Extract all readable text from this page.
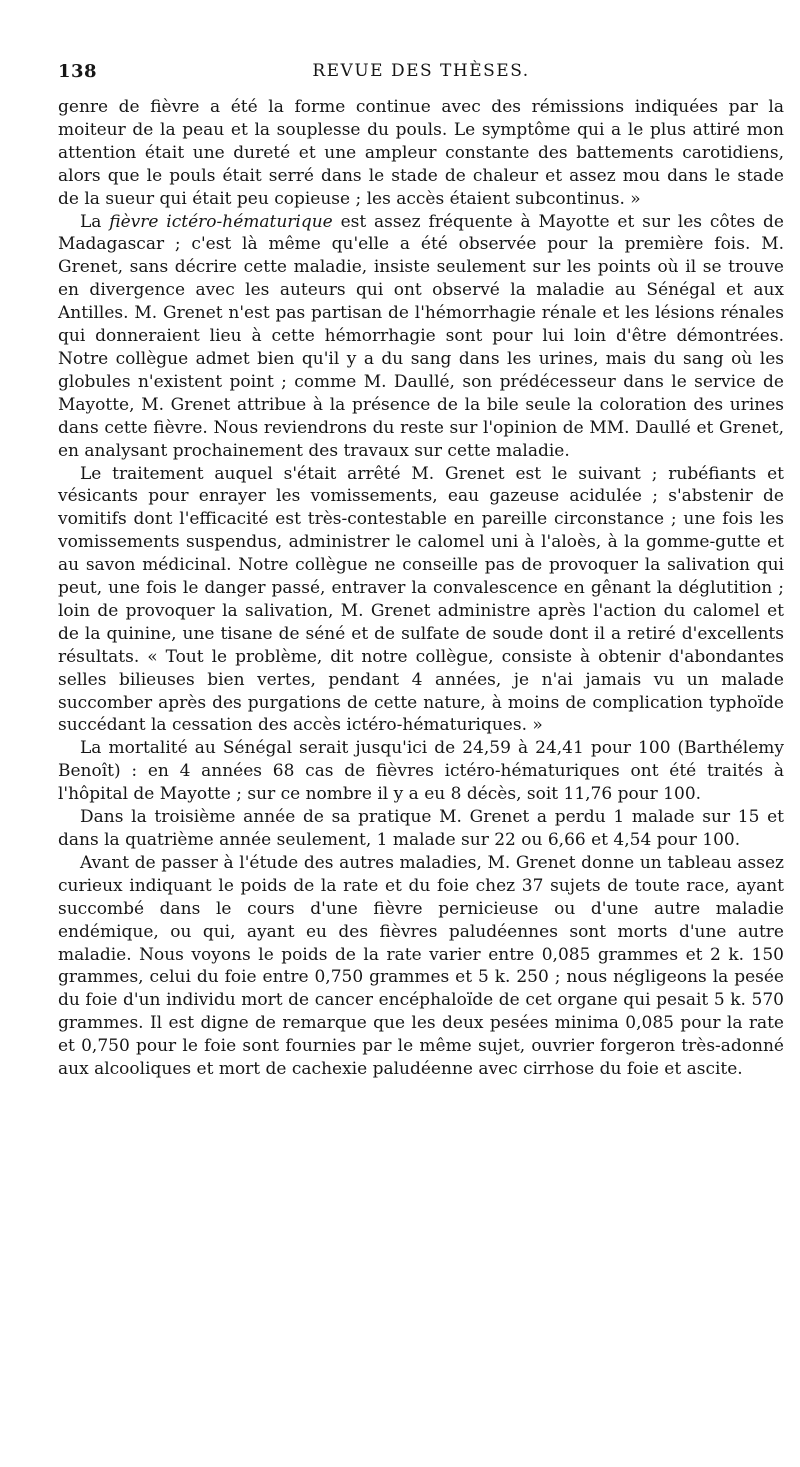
138	REVUE DES THÈSES.

genre de fièvre a été la forme continue avec des rémissions indiquées par la moiteur de la peau et la souplesse du pouls. Le symptôme qui a le plus attiré mon attention était une dureté et une ampleur constante des battements carotidiens, alors que le pouls était serré dans le stade de chaleur et assez mou dans le stade de la sueur qui était peu copieuse ; les accès étaient subcontinus. »

La fièvre ictéro-hématurique est assez fréquente à Mayotte et sur les côtes de Madagascar ; c'est là même qu'elle a été observée pour la première fois. M. Grenet, sans décrire cette maladie, insiste seulement sur les points où il se trouve en divergence avec les auteurs qui ont observé la maladie au Sénégal et aux Antilles. M. Grenet n'est pas partisan de l'hémorrhagie rénale et les lésions rénales qui donneraient lieu à cette hémorrhagie sont pour lui loin d'être démontrées. Notre collègue admet bien qu'il y a du sang dans les urines, mais du sang où les globules n'existent point ; comme M. Daullé, son prédécesseur dans le service de Mayotte, M. Grenet attribue à la présence de la bile seule la coloration des urines dans cette fièvre. Nous reviendrons du reste sur l'opinion de MM. Daullé et Grenet, en analysant prochainement des travaux sur cette maladie.

Le traitement auquel s'était arrêté M. Grenet est le suivant ; rubéfiants et vésicants pour enrayer les vomissements, eau gazeuse acidulée ; s'abstenir de vomitifs dont l'efficacité est très-contestable en pareille circonstance ; une fois les vomissements suspendus, administrer le calomel uni à l'aloès, à la gomme-gutte et au savon médicinal. Notre collègue ne conseille pas de provoquer la salivation qui peut, une fois le danger passé, entraver la convalescence en gênant la déglutition ; loin de provoquer la salivation, M. Grenet administre après l'action du calomel et de la quinine, une tisane de séné et de sulfate de soude dont il a retiré d'excellents résultats. « Tout le problème, dit notre collègue, consiste à obtenir d'abondantes selles bilieuses bien vertes, pendant 4 années, je n'ai jamais vu un malade succomber après des purgations de cette nature, à moins de complication typhoïde succédant la cessation des accès ictéro-hématuriques. »

La mortalité au Sénégal serait jusqu'ici de 24,59 à 24,41 pour 100 (Barthélemy Benoît) : en 4 années 68 cas de fièvres ictéro-hématuriques ont été traités à l'hôpital de Mayotte ; sur ce nombre il y a eu 8 décès, soit 11,76 pour 100.

Dans la troisième année de sa pratique M. Grenet a perdu 1 malade sur 15 et dans la quatrième année seulement, 1 malade sur 22 ou 6,66 et 4,54 pour 100.

Avant de passer à l'étude des autres maladies, M. Grenet donne un tableau assez curieux indiquant le poids de la rate et du foie chez 37 sujets de toute race, ayant succombé dans le cours d'une fièvre pernicieuse ou d'une autre maladie endémique, ou qui, ayant eu des fièvres paludéennes sont morts d'une autre maladie. Nous voyons le poids de la rate varier entre 0,085 grammes et 2 k. 150 grammes, celui du foie entre 0,750 grammes et 5 k. 250 ; nous négligeons la pesée du foie d'un individu mort de cancer encéphaloïde de cet organe qui pesait 5 k. 570 grammes. Il est digne de remarque que les deux pesées minima 0,085 pour la rate et 0,750 pour le foie sont fournies par le même sujet, ouvrier forgeron très-adonné aux alcooliques et mort de cachexie paludéenne avec cirrhose du foie et ascite.
